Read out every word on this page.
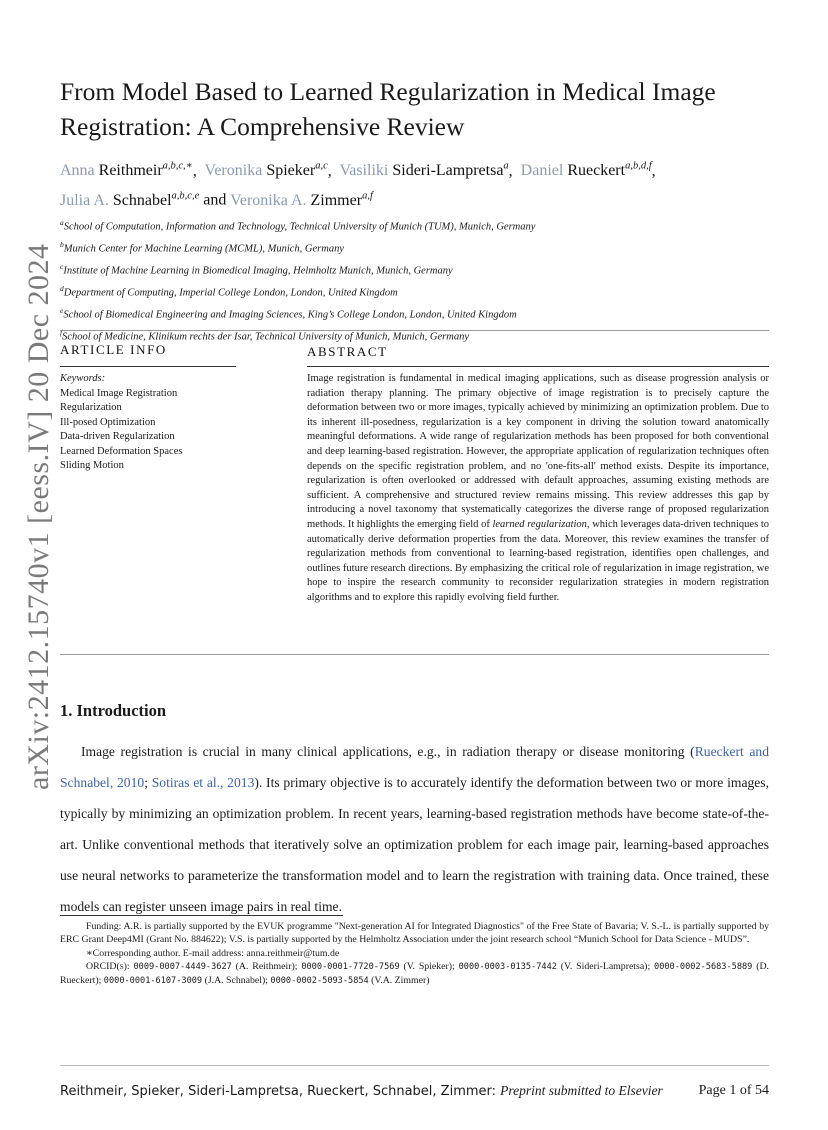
arXiv:2412.15740v1 [eess.IV] 20 Dec 2024
From Model Based to Learned Regularization in Medical Image Registration: A Comprehensive Review
Anna Reithmeir$^{a,b,c,∗}$,  Veronika Spieker$^{a,c}$,  Vasiliki Sideri-Lampretsa$^a$,  Daniel Rueckert$^{a,b,d,f}$,
Julia A. Schnabel$^{a,b,c,e}$ and Veronika A. Zimmer$^{a,f}$
$^a$School of Computation, Information and Technology, Technical University of Munich (TUM), Munich, Germany
$^b$Munich Center for Machine Learning (MCML), Munich, Germany
$^c$Institute of Machine Learning in Biomedical Imaging, Helmholtz Munich, Munich, Germany
$^d$Department of Computing, Imperial College London, London, United Kingdom
$^e$School of Biomedical Engineering and Imaging Sciences, King’s College London, London, United Kingdom
$^f$School of Medicine, Klinikum rechts der Isar, Technical University of Munich, Munich, Germany
ARTICLE INFO	ABSTRACT
Keywords:
Medical Image Registration
Regularization
Ill-posed Optimization
Data-driven Regularization
Learned Deformation Spaces
Sliding Motion

Image registration is fundamental in medical imaging applications, such as disease progression analysis or radiation therapy planning. The primary objective of image registration is to precisely capture the deformation between two or more images, typically achieved by minimizing an optimization problem. Due to its inherent ill-posedness, regularization is a key component in driving the solution toward anatomically meaningful deformations. A wide range of regularization methods has been proposed for both conventional and deep learning-based registration. However, the appropriate application of regularization techniques often depends on the specific registration problem, and no 'one-fits-all' method exists. Despite its importance, regularization is often overlooked or addressed with default approaches, assuming existing methods are sufficient. A comprehensive and structured review remains missing. This review addresses this gap by introducing a novel taxonomy that systematically categorizes the diverse range of proposed regularization methods. It highlights the emerging field of learned regularization, which leverages data-driven techniques to automatically derive deformation properties from the data. Moreover, this review examines the transfer of regularization methods from conventional to learning-based registration, identifies open challenges, and outlines future research directions. By emphasizing the critical role of regularization in image registration, we hope to inspire the research community to reconsider regularization strategies in modern registration algorithms and to explore this rapidly evolving field further.

1. Introduction

Image registration is crucial in many clinical applications, e.g., in radiation therapy or disease monitoring (Rueckert and Schnabel, 2010; Sotiras et al., 2013). Its primary objective is to accurately identify the deformation between two or more images, typically by minimizing an optimization problem. In recent years, learning-based registration methods have become state-of-the-art. Unlike conventional methods that iteratively solve an optimization problem for each image pair, learning-based approaches use neural networks to parameterize the transformation model and to learn the registration with training data. Once trained, these models can register unseen image pairs in real time.

Funding: A.R. is partially supported by the EVUK programme "Next-generation AI for Integrated Diagnostics" of the Free State of Bavaria; V. S.-L. is partially supported by ERC Grant Deep4MI (Grant No. 884622); V.S. is partially supported by the Helmholtz Association under the joint research school “Munich School for Data Science - MUDS”.

∗Corresponding author. E-mail address: anna.reithmeir@tum.de

ORCID(s): 0009-0007-4449-3627 (A. Reithmeir); 0000-0001-7720-7569 (V. Spieker); 0000-0003-0135-7442 (V. Sideri-Lampretsa); 0000-0002-5683-5889 (D. Rueckert); 0000-0001-6107-3009 (J.A. Schnabel); 0000-0002-5093-5854 (V.A. Zimmer)

Reithmeir, Spieker, Sideri-Lampretsa, Rueckert, Schnabel, Zimmer: Preprint submitted to Elsevier	Page 1 of 54
